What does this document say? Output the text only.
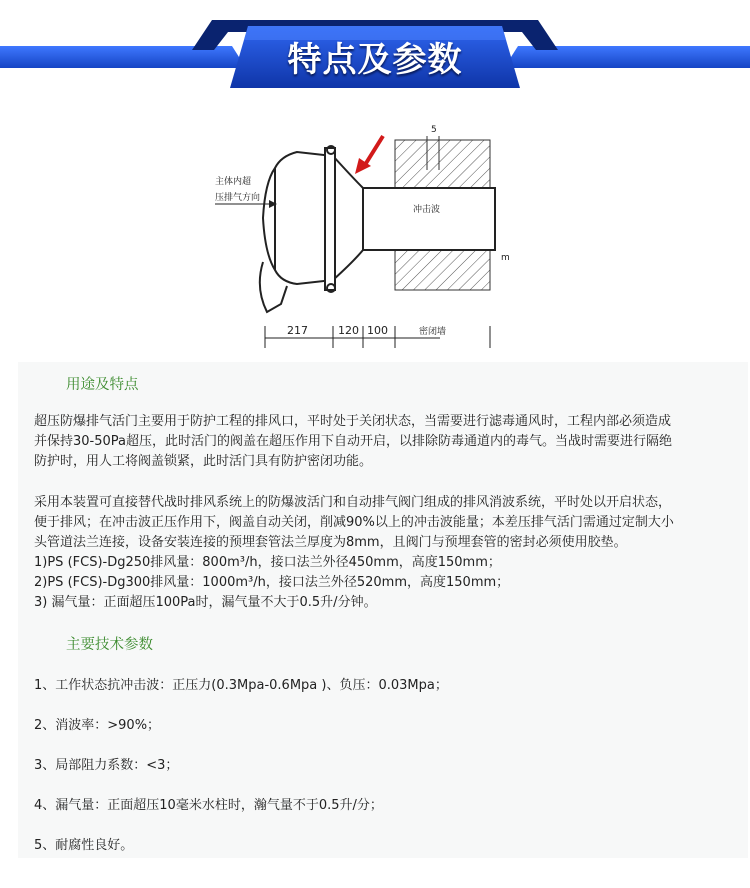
特点及参数
主体内超
压排气方向
冲击波
5
m
217	120 100	密闭墙
用途及特点
超压防爆排气活门主要用于防护工程的排风口，平时处于关闭状态，当需要进行滤毒通风时，工程内部必须造成
并保持30-50Pa超压，此时活门的阀盖在超压作用下自动开启，以排除防毒通道内的毒气。当战时需要进行隔绝
防护时，用人工将阀盖锁紧，此时活门具有防护密闭功能。
采用本装置可直接替代战时排风系统上的防爆波活门和自动排气阀门组成的排风消波系统，平时处以开启状态，
便于排风；在冲击波正压作用下，阀盖自动关闭，削减90%以上的冲击波能量；本差压排气活门需通过定制大小
头管道法兰连接，设备安装连接的预埋套管法兰厚度为8mm，且阀门与预埋套管的密封必须使用胶垫。
1)PS (FCS)-Dg250排风量：800m³/h，接口法兰外径450mm，高度150mm；
2)PS (FCS)-Dg300排风量：1000m³/h，接口法兰外径520mm，高度150mm；
3) 漏气量：正面超压100Pa时，漏气量不大于0.5升/分钟。
主要技术参数
1、工作状态抗冲击波：正压力(0.3Mpa-0.6Mpa )、负压：0.03Mpa；
2、消波率：>90%；
3、局部阻力系数：<3；
4、漏气量：正面超压10毫米水柱时，瀚气量不于0.5升/分；
5、耐腐性良好。
